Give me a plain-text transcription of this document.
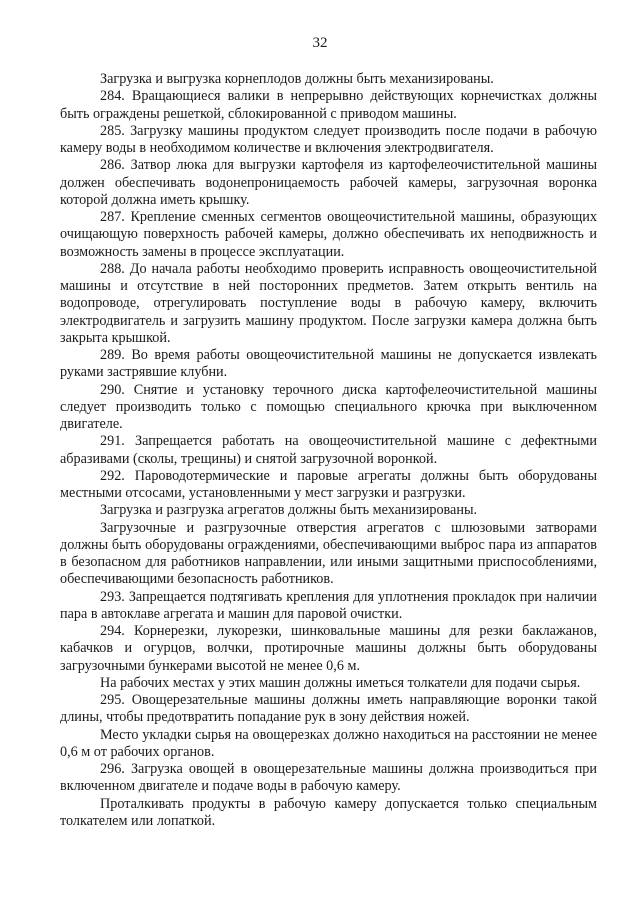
32

Загрузка и выгрузка корнеплодов должны быть механизированы.

284. Вращающиеся валики в непрерывно действующих корнечистках должны быть ограждены решеткой, сблокированной с приводом машины.

285. Загрузку машины продуктом следует производить после подачи в рабочую камеру воды в необходимом количестве и включения электродвигателя.

286. Затвор люка для выгрузки картофеля из картофелеочистительной машины должен обеспечивать водонепроницаемость рабочей камеры, загрузочная воронка которой должна иметь крышку.

287. Крепление сменных сегментов овощеочистительной машины, образующих очищающую поверхность рабочей камеры, должно обеспечивать их неподвижность и возможность замены в процессе эксплуатации.

288. До начала работы необходимо проверить исправность овощеочистительной машины и отсутствие в ней посторонних предметов. Затем открыть вентиль на водопроводе, отрегулировать поступление воды в рабочую камеру, включить электродвигатель и загрузить машину продуктом. После загрузки камера должна быть закрыта крышкой.

289. Во время работы овощеочистительной машины не допускается извлекать руками застрявшие клубни.

290. Снятие и установку терочного диска картофелеочистительной машины следует производить только с помощью специального крючка при выключенном двигателе.

291. Запрещается работать на овощеочистительной машине с дефектными абразивами (сколы, трещины) и снятой загрузочной воронкой.

292. Пароводотермические и паровые агрегаты должны быть оборудованы местными отсосами, установленными у мест загрузки и разгрузки.

Загрузка и разгрузка агрегатов должны быть механизированы.

Загрузочные и разгрузочные отверстия агрегатов с шлюзовыми затворами должны быть оборудованы ограждениями, обеспечивающими выброс пара из аппаратов в безопасном для работников направлении, или иными защитными приспособлениями, обеспечивающими безопасность работников.

293. Запрещается подтягивать крепления для уплотнения прокладок при наличии пара в автоклаве агрегата и машин для паровой очистки.

294. Корнерезки, лукорезки, шинковальные машины для резки баклажанов, кабачков и огурцов, волчки, протирочные машины должны быть оборудованы загрузочными бункерами высотой не менее 0,6 м.

На рабочих местах у этих машин должны иметься толкатели для подачи сырья.

295. Овощерезательные машины должны иметь направляющие воронки такой длины, чтобы предотвратить попадание рук в зону действия ножей.

Место укладки сырья на овощерезках должно находиться на расстоянии не менее 0,6 м от рабочих органов.

296. Загрузка овощей в овощерезательные машины должна производиться при включенном двигателе и подаче воды в рабочую камеру.

Проталкивать продукты в рабочую камеру допускается только специальным толкателем или лопаткой.
